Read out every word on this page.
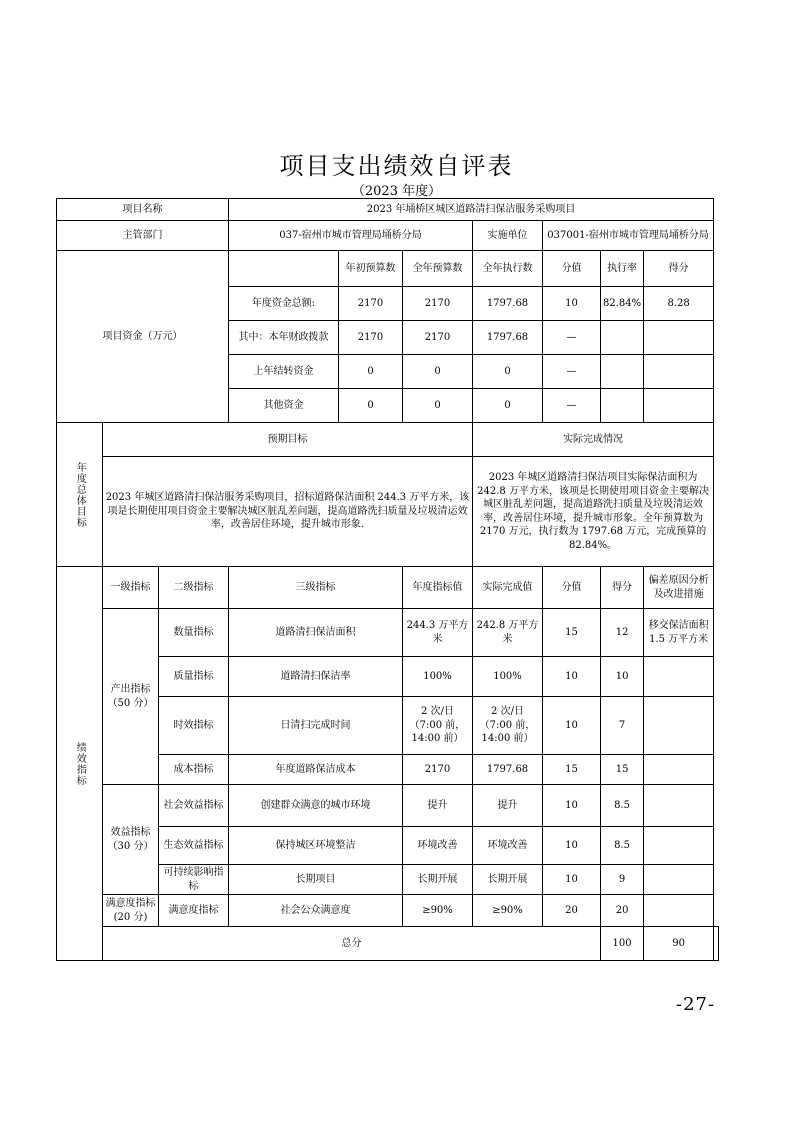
项目支出绩效自评表
（2023 年度）
项目名称			2023 年埇桥区城区道路清扫保洁服务采购项目							
主管部门			037-宿州市城市管理局埇桥分局			实施单位	037001-宿州市城市管理局埇桥分局			
项目资金（万元）				年初预算数	全年预算数	全年执行数	分值	执行率	得分	
			年度资金总额:	2170	2170	1797.68	10	82.84%	8.28	
			其中：本年财政拨款	2170	2170	1797.68	—			
			上年结转资金	0	0	0	—			
			其他资金	0	0	0	—			

年度总体目标	预期目标					实际完成情况				
	2023 年城区道路清扫保洁服务采购项目，招标道路保洁面积 244.3 万平方米，该项是长期使用项目资金主要解决城区脏乱差问题，提高道路洗扫质量及垃圾清运效率，改善居住环境，提升城市形象.					2023 年城区道路清扫保洁项目实际保洁面积为 242.8 万平方米，该项是长期使用项目资金主要解决城区脏乱差问题，提高道路洗扫质量及垃圾清运效率，改善居住环境，提升城市形象。全年预算数为 2170 万元，执行数为 1797.68 万元，完成预算的 82.84%。				

绩效指标	一级指标	二级指标	三级指标		年度指标值	实际完成值	分值	得分	偏差原因分析及改进措施	
	产出指标（50 分）	数量指标	道路清扫保洁面积		244.3 万平方米	242.8 万平方米	15	12	移交保洁面积 1.5 万平方米	
		质量指标	道路清扫保洁率		100%	100%	10	10		
		时效指标	日清扫完成时间		2 次/日（7:00 前，14:00 前）	2 次/日（7:00 前，14:00 前）	10	7		
		成本指标	年度道路保洁成本		2170	1797.68	15	15		
	效益指标（30 分）	社会效益指标	创建群众满意的城市环境		提升	提升	10	8.5		
		生态效益指标	保持城区环境整洁		环境改善	环境改善	10	8.5		
		可持续影响指标	长期项目		长期开展	长期开展	10	9		
	满意度指标(20 分)	满意度指标	社会公众满意度		≥90%	≥90%	20	20		
	总分							100	90	
-27-
